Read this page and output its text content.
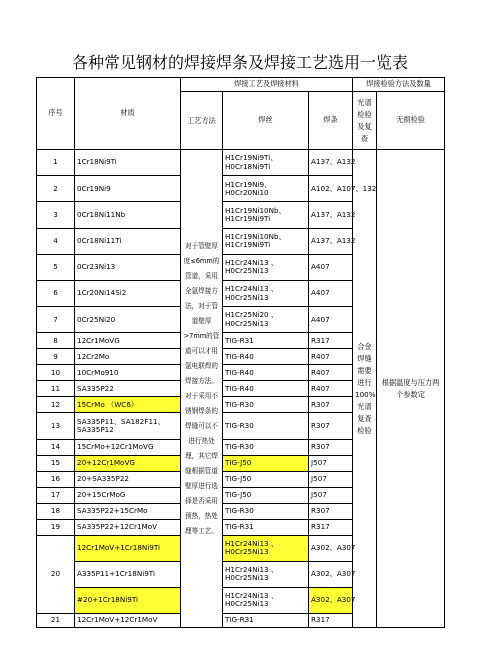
各种常见钢材的焊接焊条及焊接工艺选用一览表
序号	材质	焊接工艺及焊接材料			焊接检验方法及数量	
		工艺方法	焊丝	焊条	光谱检验及复查	无损检验
1	1Cr18Ni9Ti	对于管壁厚度≤6mm的管道，采用全氩焊接方法，对于管道壁厚>7mm的管道可以才用氩电联焊的焊接方法。对于采用不锈钢焊条的焊缝可以不进行热处理，其它焊缝根据管道壁厚进行选择是否采用预热，热处理等工艺。	H1Cr19Ni9Ti、
H0Cr18Ni9Ti	A137、A132	合金焊缝需要进行100%光谱复查检验	根据温度与压力两个参数定
2	0Cr19Ni9		H1Cr19Ni9、
H0Cr20Ni10	A102、A107、132		
3	0Cr18Ni11Nb		H1Cr19Ni10Nb、
H1Cr19Ni9Ti	A137、A132		
4	0Cr18Ni11Ti		H1Cr19Ni10Nb、
H1Cr19Ni9Ti	A137、A132		
5	0Cr23Ni13		H1Cr24Ni13 、
H0Cr25Ni13	A407		
6	1Cr20Ni14Si2		H1Cr24Ni13 、
H0Cr25Ni13	A407		
7	0Cr25Ni20		H1Cr25Ni20 、
H0Cr25Ni13	A407		
8	12Cr1MoVG		TIG-R31	R317		
9	12Cr2Mo		TIG-R40	R407		
10	10CrMo910		TIG-R40	R407		
11	SA335P22		TIG-R40	R407		
12	15CrMo （WC6）		TIG-R30	R307		
13	SA335P11、SA182F11、
SA335P12		TIG-R30	R307		
14	15CrMo+12Cr1MoVG		TIG-R30	R307		
15	20+12Cr1MoVG		TIG-J50	J507		
16	20+SA335P22		TIG-J50	J507		
17	20+15CrMoG		TIG-J50	J507		
18	SA335P22+15CrMo		TIG-R30	R307		
19	SA335P22+12Cr1MoV		TIG-R31	R317		
20	12Cr1MoV+1Cr18Ni9Ti		H1Cr24Ni13 、
H0Cr25Ni13	A302、A307		
	A335P11+1Cr18Ni9Ti		H1Cr24Ni13 、
H0Cr25Ni13	A302、A307		
	#20+1Cr18Ni9Ti		H1Cr24Ni13 、
H0Cr25Ni13	A302、A307		
21	12Cr1MoV+12Cr1MoV		TIG-R31	R317		
